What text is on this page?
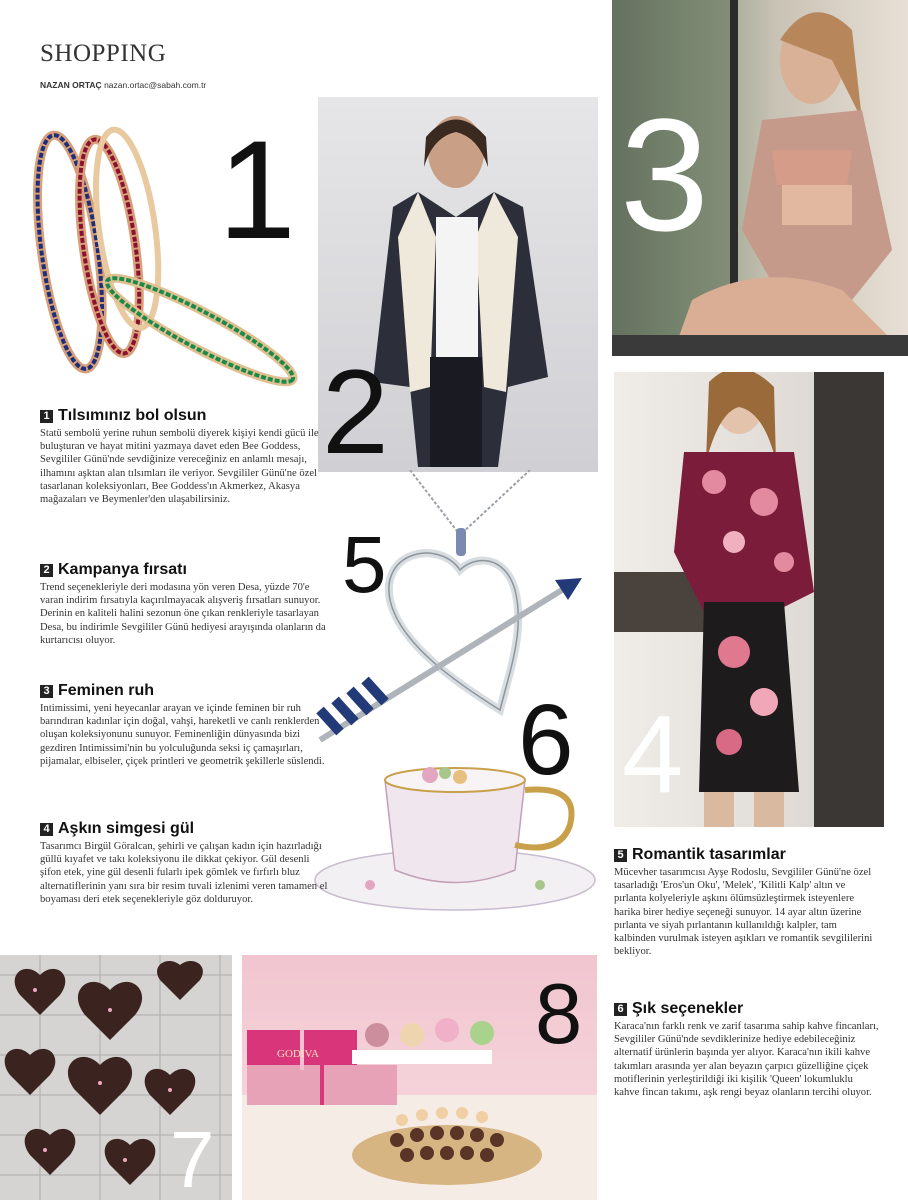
SHOPPING
NAZAN ORTAÇ nazan.ortac@sabah.com.tr
1
2
3
4
5
6
7
GODIVA	8
1 Tılsımınız bol olsun

Statü sembolü yerine ruhun sembolü diyerek kişiyi kendi gücü ile buluşturan ve hayat mitini yazmaya davet eden Bee Goddess, Sevgililer Günü'nde sevdiğinize vereceğiniz en anlamlı mesajı, ilhamını aşktan alan tılsımları ile veriyor. Sevgililer Günü'ne özel tasarlanan koleksiyonları, Bee Goddess'ın Akmerkez, Akasya mağazaları ve Beymenler'den ulaşabilirsiniz.

2 Kampanya fırsatı

Trend seçenekleriyle deri modasına yön veren Desa, yüzde 70'e varan indirim fırsatıyla kaçırılmayacak alışveriş fırsatları sunuyor. Derinin en kaliteli halini sezonun öne çıkan renkleriyle tasarlayan Desa, bu indirimle Sevgililer Günü hediyesi arayışında olanların da kurtarıcısı oluyor.

3 Feminen ruh

Intimissimi, yeni heyecanlar arayan ve içinde feminen bir ruh barındıran kadınlar için doğal, vahşi, hareketli ve canlı renklerden oluşan koleksiyonunu sunuyor. Feminenliğin dünyasında bizi gezdiren Intimissimi'nin bu yolculuğunda seksi iç çamaşırları, pijamalar, elbiseler, çiçek printleri ve geometrik şekillerle süslendi.

4 Aşkın simgesi gül

Tasarımcı Birgül Göralcan, şehirli ve çalışan kadın için hazırladığı güllü kıyafet ve takı koleksiyonu ile dikkat çekiyor. Gül desenli şifon etek, yine gül desenli fularlı ipek gömlek ve fırfırlı bluz alternatiflerinin yanı sıra bir resim tuvali izlenimi veren tamamen el boyaması deri etek seçenekleriyle göz dolduruyor.

5 Romantik tasarımlar

Mücevher tasarımcısı Ayşe Rodoslu, Sevgililer Günü'ne özel tasarladığı 'Eros'un Oku', 'Melek', 'Kilitli Kalp' altın ve pırlanta kolyeleriyle aşkını ölümsüzleştirmek isteyenlere harika birer hediye seçeneği sunuyor. 14 ayar altın üzerine pırlanta ve siyah pırlantanın kullanıldığı kalpler, tam kalbinden vurulmak isteyen aşıkları ve romantik sevgililerini bekliyor.

6 Şık seçenekler

Karaca'nın farklı renk ve zarif tasarıma sahip kahve fincanları, Sevgililer Günü'nde sevdiklerinize hediye edebileceğiniz alternatif ürünlerin başında yer alıyor. Karaca'nın ikili kahve takımları arasında yer alan beyazın çarpıcı güzelliğine çiçek motiflerinin yerleştirildiği iki kişilik 'Queen' lokumluklu kahve fincan takımı, aşk rengi beyaz olanların tercihi oluyor.
